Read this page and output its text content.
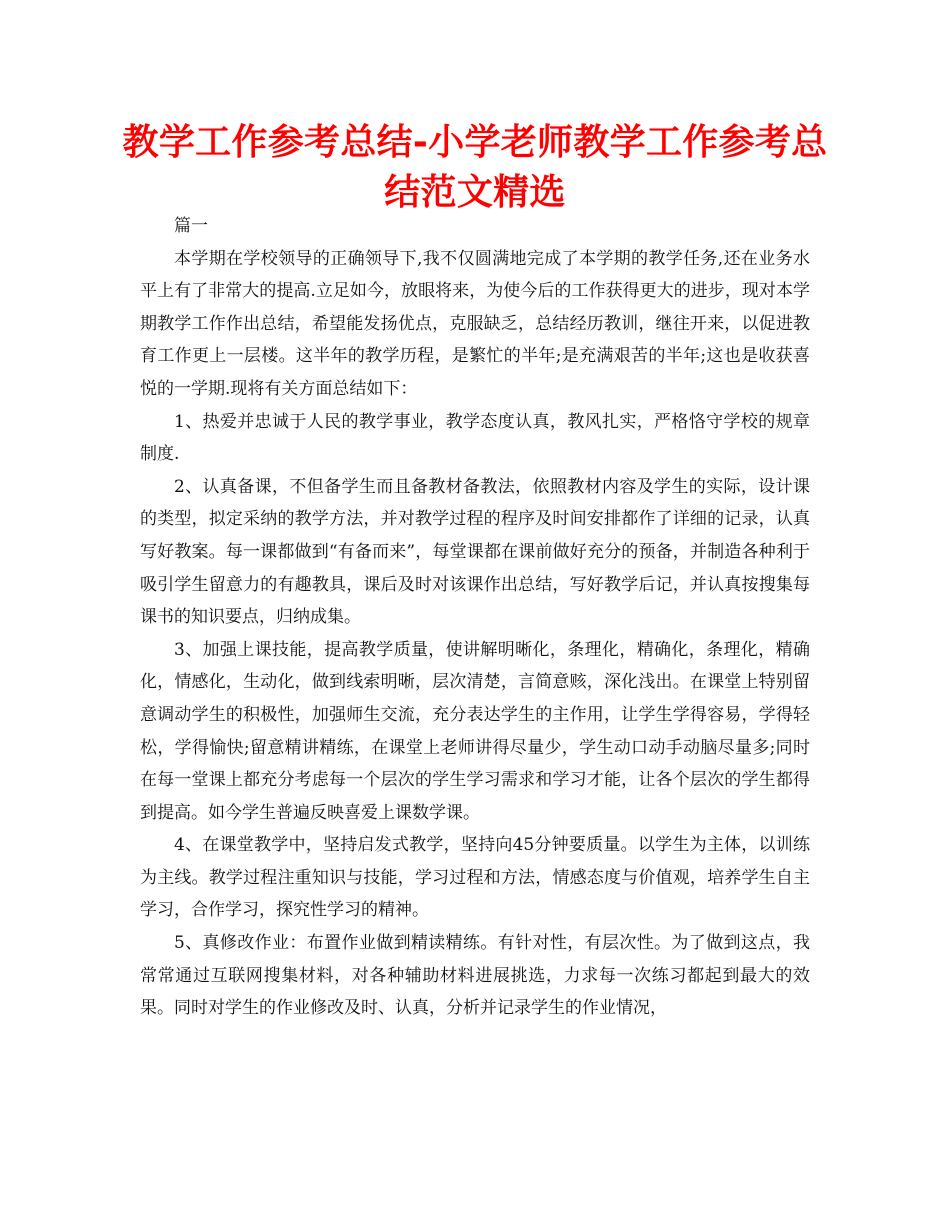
教学工作参考总结-小学老师教学工作参考总结范文精选

篇一

本学期在学校领导的正确领导下,我不仅圆满地完成了本学期的教学任务,还在业务水平上有了非常大的提高.立足如今，放眼将来，为使今后的工作获得更大的进步，现对本学期教学工作作出总结，希望能发扬优点，克服缺乏，总结经历教训，继往开来，以促进教育工作更上一层楼。这半年的教学历程，是繁忙的半年;是充满艰苦的半年;这也是收获喜悦的一学期.现将有关方面总结如下：

1、热爱并忠诚于人民的教学事业，教学态度认真，教风扎实，严格恪守学校的规章制度.

2、认真备课，不但备学生而且备教材备教法，依照教材内容及学生的实际，设计课的类型，拟定采纳的教学方法，并对教学过程的程序及时间安排都作了详细的记录，认真写好教案。每一课都做到“有备而来”，每堂课都在课前做好充分的预备，并制造各种利于吸引学生留意力的有趣教具，课后及时对该课作出总结，写好教学后记，并认真按搜集每课书的知识要点，归纳成集。

3、加强上课技能，提高教学质量，使讲解明晰化，条理化，精确化，条理化，精确化，情感化，生动化，做到线索明晰，层次清楚，言简意赅，深化浅出。在课堂上特别留意调动学生的积极性，加强师生交流，充分表达学生的主作用，让学生学得容易，学得轻松，学得愉快;留意精讲精练，在课堂上老师讲得尽量少，学生动口动手动脑尽量多;同时在每一堂课上都充分考虑每一个层次的学生学习需求和学习才能，让各个层次的学生都得到提高。如今学生普遍反映喜爱上课数学课。

4、在课堂教学中，坚持启发式教学，坚持向45分钟要质量。以学生为主体，以训练为主线。教学过程注重知识与技能，学习过程和方法，情感态度与价值观，培养学生自主学习，合作学习，探究性学习的精神。

5、真修改作业：布置作业做到精读精练。有针对性，有层次性。为了做到这点，我常常通过互联网搜集材料，对各种辅助材料进展挑选，力求每一次练习都起到最大的效果。同时对学生的作业修改及时、认真，分析并记录学生的作业情况，
